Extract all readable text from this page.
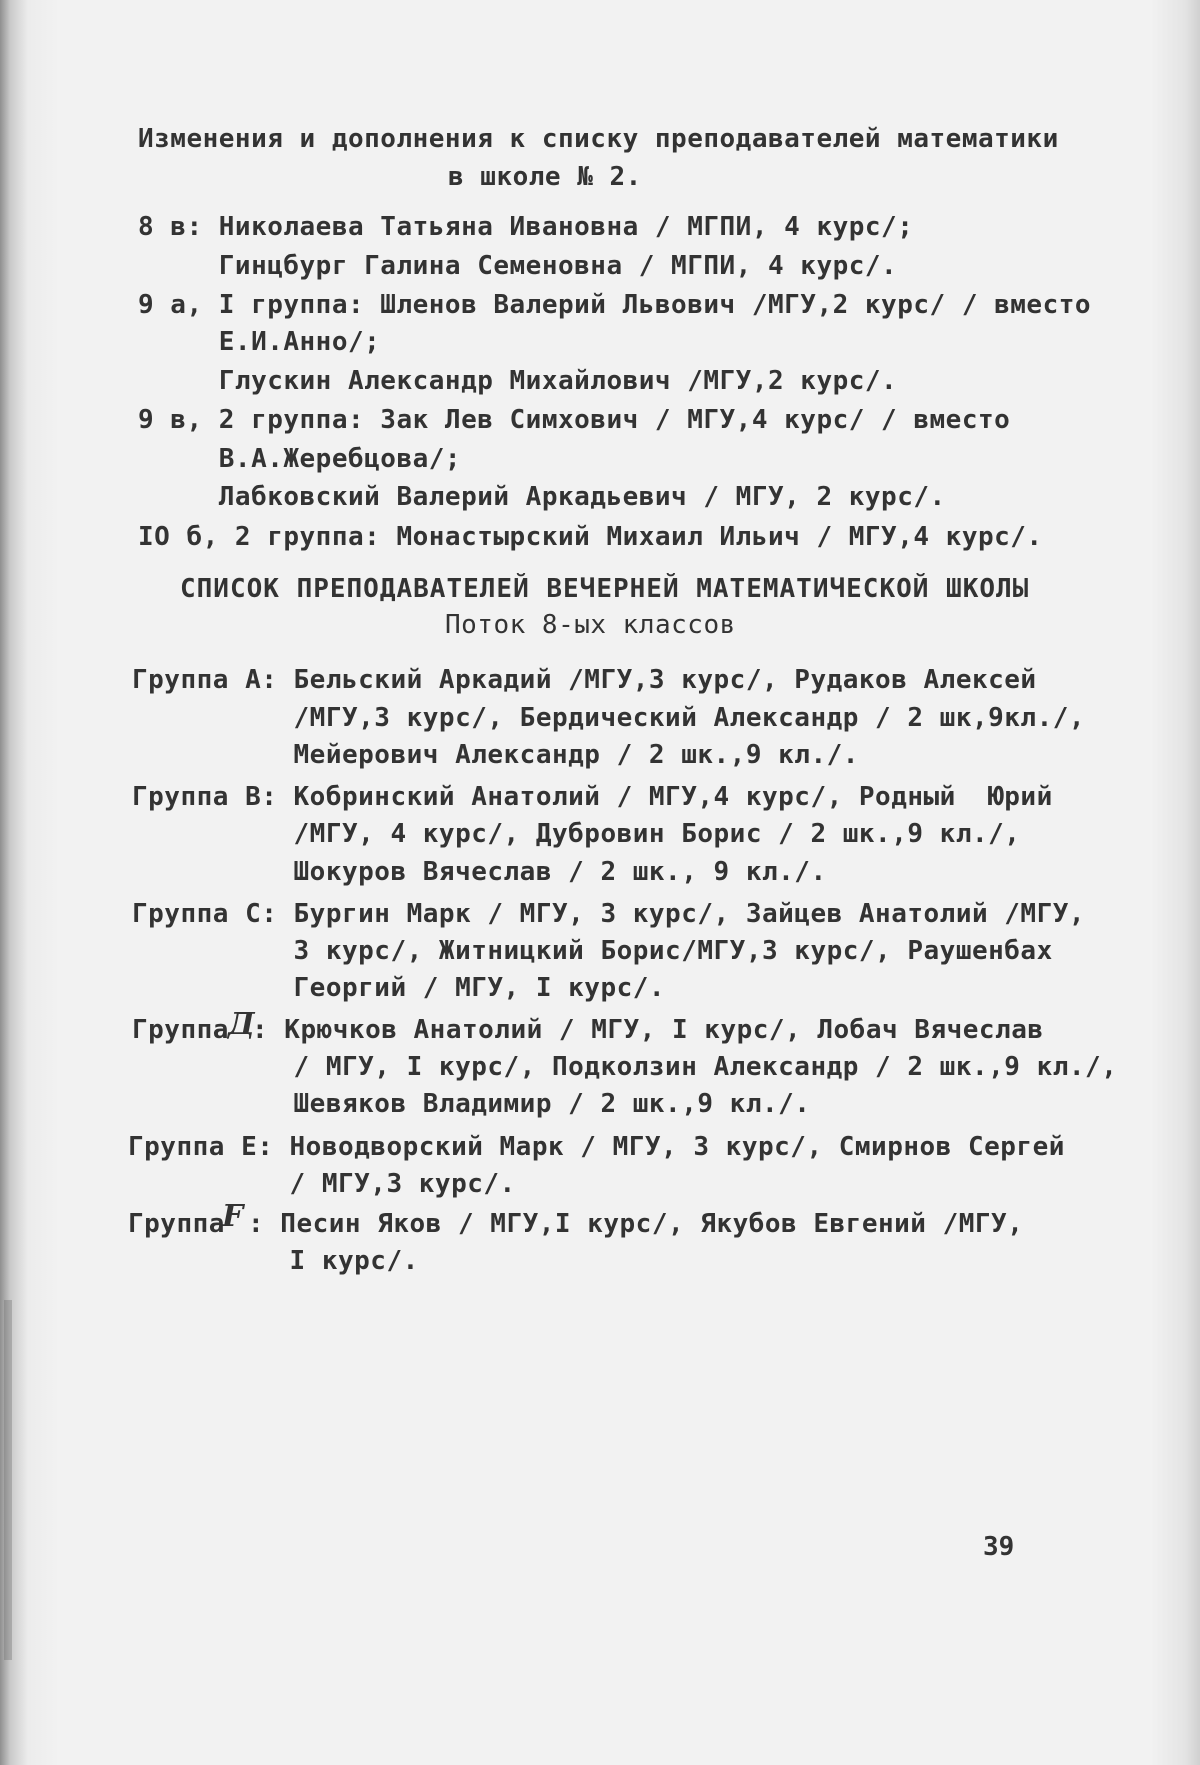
Изменения и дополнения к списку преподавателей математики

в школе № 2.

8 в: Николаева Татьяна Ивановна / МГПИ, 4 курс/;
Гинцбург Галина Семеновна / МГПИ, 4 курс/.
9 а, I группа: Шленов Валерий Львович /МГУ,2 курс/ / вместо
Е.И.Анно/;
Глускин Александр Михайлович /МГУ,2 курс/.
9 в, 2 группа: Зак Лев Симхович / МГУ,4 курс/ / вместо
В.А.Жеребцова/;
Лабковский Валерий Аркадьевич / МГУ, 2 курс/.
IO б, 2 группа: Монастырский Михаил Ильич / МГУ,4 курс/.
СПИСОК ПРЕПОДАВАТЕЛЕЙ ВЕЧЕРНЕЙ МАТЕМАТИЧЕСКОЙ ШКОЛЫ
Поток 8-ых классов
Группа А: Бельский Аркадий /МГУ,3 курс/, Рудаков Алексей
/МГУ,3 курс/, Бердический Александр / 2 шк,9кл./,
Мейерович Александр / 2 шк.,9 кл./.
Группа В: Кобринский Анатолий / МГУ,4 курс/, Родный  Юрий
/МГУ, 4 курс/, Дубровин Борис / 2 шк.,9 кл./,
Шокуров Вячеслав / 2 шк., 9 кл./.
Группа С: Бургин Марк / МГУ, 3 курс/, Зайцев Анатолий /МГУ,
3 курс/, Житницкий Борис/МГУ,3 курс/, Раушенбах
Георгий / МГУ, I курс/.
Группа Д
: Крючков Анатолий / МГУ, I курс/, Лобач Вячеслав
/ МГУ, I курс/, Подколзин Александр / 2 шк.,9 кл./,
Шевяков Владимир / 2 шк.,9 кл./.
Группа Е: Новодворский Марк / МГУ, 3 курс/, Смирнов Сергей
/ МГУ,3 курс/.
Группа
F : Песин Яков / МГУ,I курс/, Якубов Евгений /МГУ,
I курс/.
39
